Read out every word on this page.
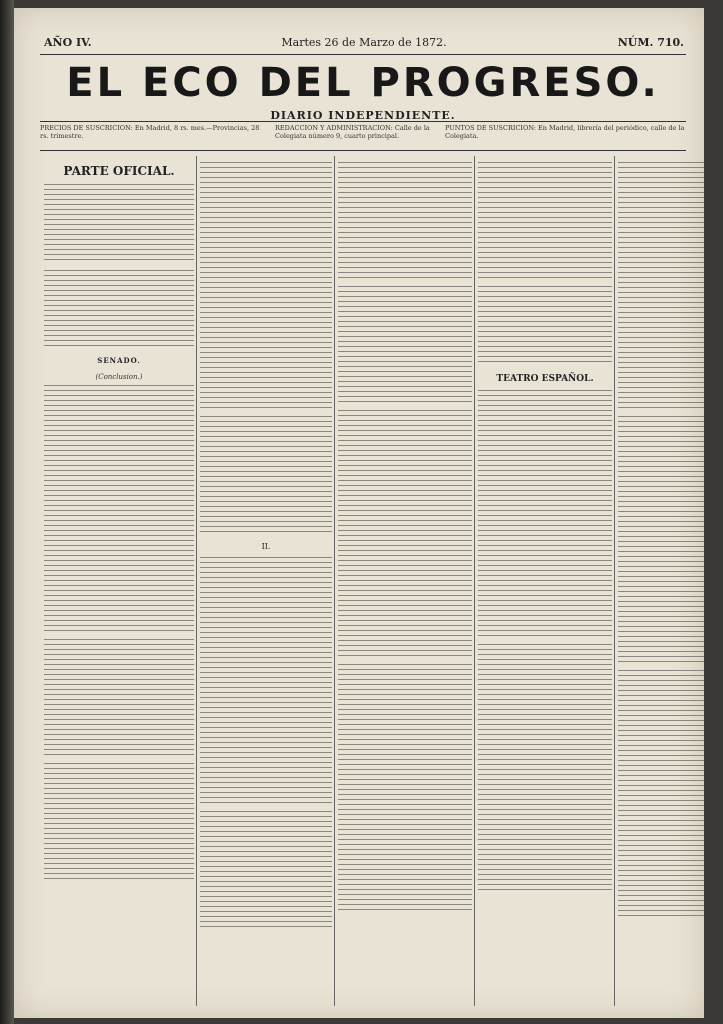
AÑO IV.	Martes 26 de Marzo de 1872.	NÚM. 710.
EL ECO DEL PROGRESO.
DIARIO INDEPENDIENTE.
PRECIOS DE SUSCRICION: En Madrid, 8 rs. mes.—Provincias, 28 rs. trimestre.
REDACCION Y ADMINISTRACION: Calle de la Colegiata número 9, cuarto principal.
PUNTOS DE SUSCRICION: En Madrid, librería del periódico, calle de la Colegiata.
PARTE OFICIAL.
SENADO.
(Conclusion.)
II.
TEATRO ESPAÑOL.
